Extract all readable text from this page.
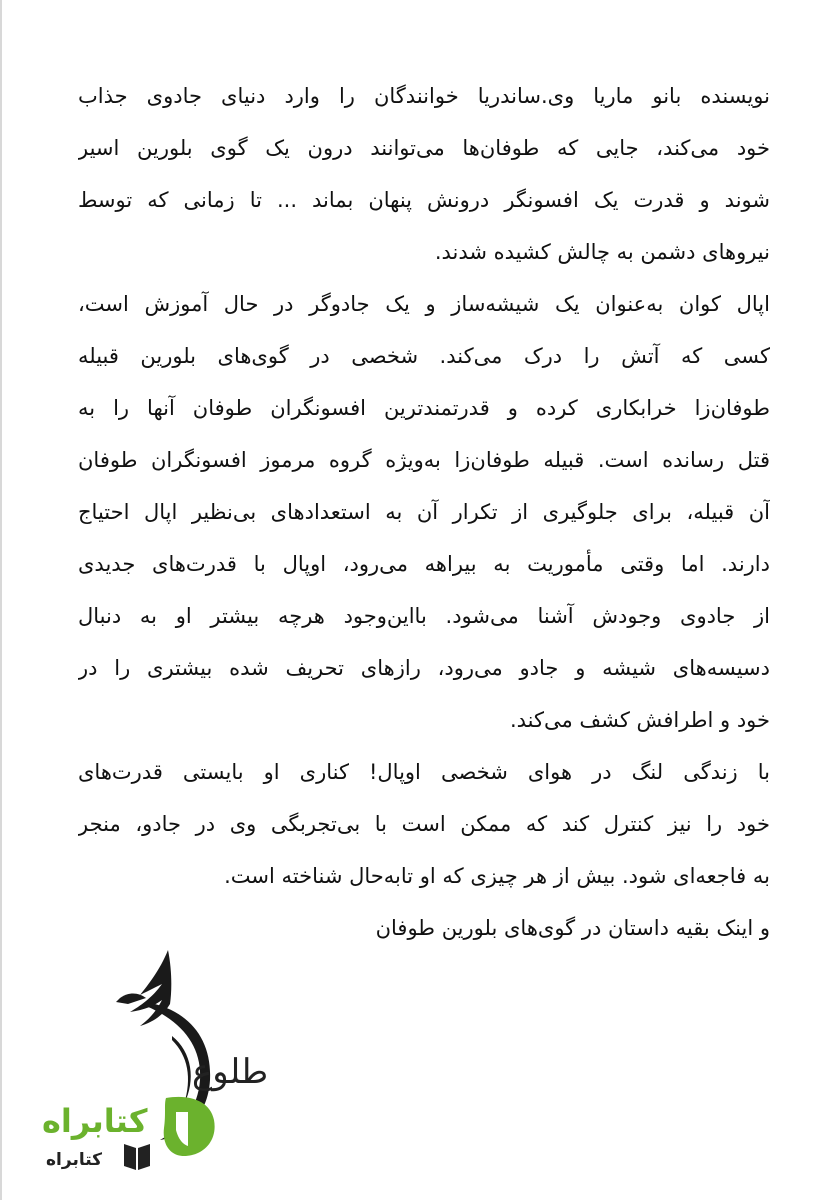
نویسنده بانو ماریا وی.ساندریا خوانندگان را وارد دنیای جادوی جذاب
خود می‌کند، جایی که طوفان‌ها می‌توانند درون یک گوی بلورین اسیر
شوند و قدرت یک افسونگر درونش پنهان بماند ... تا زمانی که توسط
نیروهای دشمن به چالش کشیده شدند.
اپال کوان به‌عنوان یک شیشه‌ساز و یک جادوگر در حال آموزش است،
کسی که آتش را درک می‌کند. شخصی در گوی‌های بلورین قبیله
طوفان‌زا خرابکاری کرده و قدرتمندترین افسونگران طوفان آنها را به
قتل رسانده است. قبیله طوفان‌زا به‌ویژه گروه مرموز افسونگران طوفان
آن قبیله، برای جلوگیری از تکرار آن به استعدادهای بی‌نظیر اپال احتیاج
دارند. اما وقتی مأموریت به بیراهه می‌رود، اوپال با قدرت‌های جدیدی
از جادوی وجودش آشنا می‌شود. بااین‌وجود هرچه بیشتر او به دنبال
دسیسه‌های شیشه و جادو می‌رود، رازهای تحریف شده بیشتری را در
خود و اطرافش کشف می‌کند.
با زندگی لنگ در هوای شخصی اوپال! کناری او بایستی قدرت‌های
خود را نیز کنترل کند که ممکن است با بی‌تجربگی وی در جادو، منجر
به فاجعه‌ای شود. بیش از هر چیزی که او تابه‌حال شناخته است.
و اینک بقیه داستان در گوی‌های بلورین طوفان
طلوع
کتابراه
کتابراه
